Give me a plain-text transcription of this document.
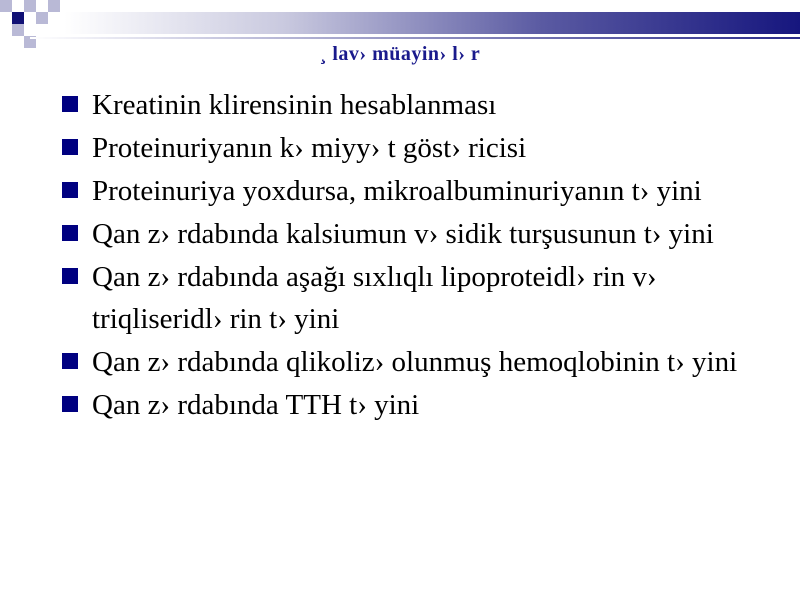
¸ lav› müayin› l› r
Kreatinin klirensinin hesablanması
Proteinuriyanın k› miyy› t göst› ricisi
Proteinuriya yoxdursa, mikroalbuminuriyanın t› yini
Qan z› rdabında kalsiumun v› sidik turşusunun t› yini
Qan z› rdabında aşağı sıxlıqlı lipoproteidl› rin v› triqliseridl› rin t› yini
Qan z› rdabında qlikoliz› olunmuş hemoqlobinin t› yini
Qan z› rdabında TTH t› yini
